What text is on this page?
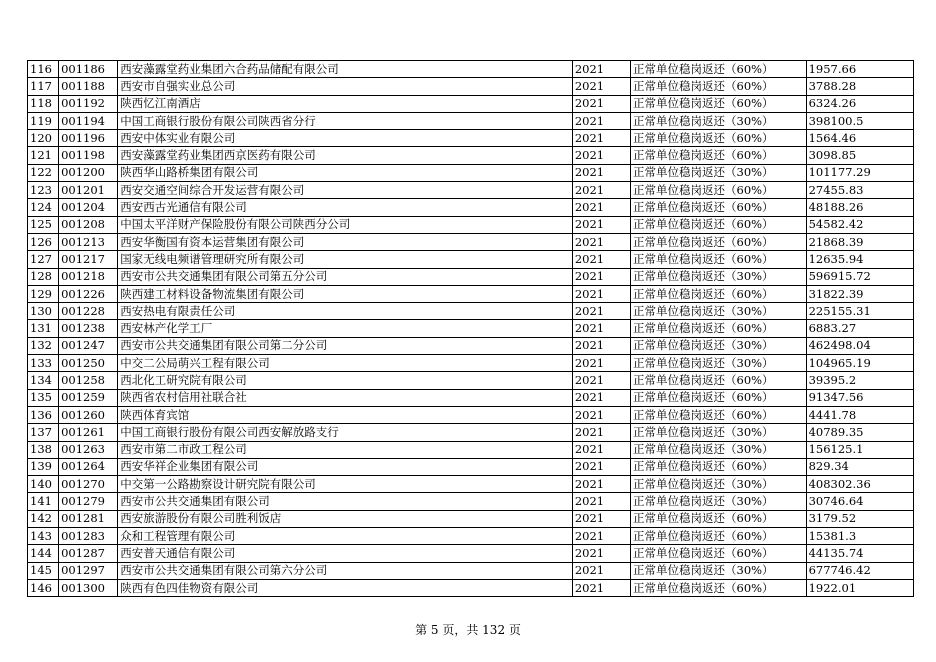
116	001186	西安藻露堂药业集团六合药品储配有限公司	2021	正常单位稳岗返还（60%）	1957.66
117	001188	西安市自强实业总公司	2021	正常单位稳岗返还（60%）	3788.28
118	001192	陕西忆江南酒店	2021	正常单位稳岗返还（60%）	6324.26
119	001194	中国工商银行股份有限公司陕西省分行	2021	正常单位稳岗返还（30%）	398100.5
120	001196	西安中体实业有限公司	2021	正常单位稳岗返还（60%）	1564.46
121	001198	西安藻露堂药业集团西京医药有限公司	2021	正常单位稳岗返还（60%）	3098.85
122	001200	陕西华山路桥集团有限公司	2021	正常单位稳岗返还（30%）	101177.29
123	001201	西安交通空间综合开发运营有限公司	2021	正常单位稳岗返还（60%）	27455.83
124	001204	西安西古光通信有限公司	2021	正常单位稳岗返还（60%）	48188.26
125	001208	中国太平洋财产保险股份有限公司陕西分公司	2021	正常单位稳岗返还（60%）	54582.42
126	001213	西安华衡国有资本运营集团有限公司	2021	正常单位稳岗返还（60%）	21868.39
127	001217	国家无线电频谱管理研究所有限公司	2021	正常单位稳岗返还（60%）	12635.94
128	001218	西安市公共交通集团有限公司第五分公司	2021	正常单位稳岗返还（30%）	596915.72
129	001226	陕西建工材料设备物流集团有限公司	2021	正常单位稳岗返还（60%）	31822.39
130	001228	西安热电有限责任公司	2021	正常单位稳岗返还（30%）	225155.31
131	001238	西安林产化学工厂	2021	正常单位稳岗返还（60%）	6883.27
132	001247	西安市公共交通集团有限公司第二分公司	2021	正常单位稳岗返还（30%）	462498.04
133	001250	中交二公局萌兴工程有限公司	2021	正常单位稳岗返还（30%）	104965.19
134	001258	西北化工研究院有限公司	2021	正常单位稳岗返还（60%）	39395.2
135	001259	陕西省农村信用社联合社	2021	正常单位稳岗返还（60%）	91347.56
136	001260	陕西体育宾馆	2021	正常单位稳岗返还（60%）	4441.78
137	001261	中国工商银行股份有限公司西安解放路支行	2021	正常单位稳岗返还（30%）	40789.35
138	001263	西安市第二市政工程公司	2021	正常单位稳岗返还（30%）	156125.1
139	001264	西安华祥企业集团有限公司	2021	正常单位稳岗返还（60%）	829.34
140	001270	中交第一公路勘察设计研究院有限公司	2021	正常单位稳岗返还（30%）	408302.36
141	001279	西安市公共交通集团有限公司	2021	正常单位稳岗返还（30%）	30746.64
142	001281	西安旅游股份有限公司胜利饭店	2021	正常单位稳岗返还（60%）	3179.52
143	001283	众和工程管理有限公司	2021	正常单位稳岗返还（60%）	15381.3
144	001287	西安普天通信有限公司	2021	正常单位稳岗返还（60%）	44135.74
145	001297	西安市公共交通集团有限公司第六分公司	2021	正常单位稳岗返还（30%）	677746.42
146	001300	陕西有色四佳物资有限公司	2021	正常单位稳岗返还（60%）	1922.01
第 5 页，共 132 页
